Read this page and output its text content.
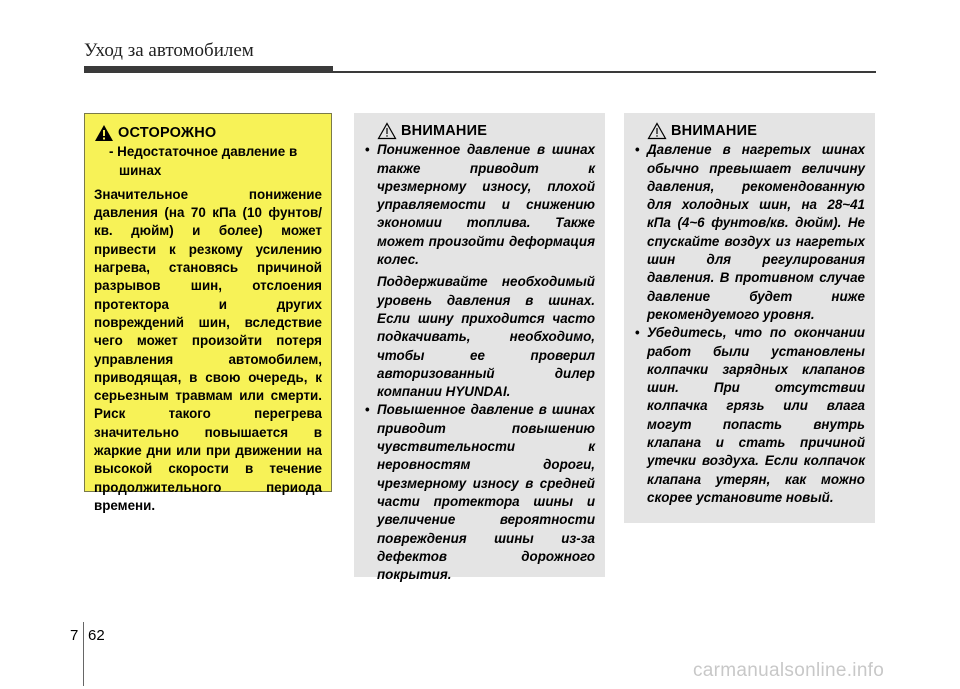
Уход за автомобилем
ОСТОРОЖНО
- Недостаточное давление в шинах
Значительное понижение давления (на 70 кПа (10 фунтов/кв. дюйм) и более) может привести к резкому усилению нагрева, становясь причиной разрывов шин, отслоения протектора и других повреждений шин, вследствие чего может произойти потеря управления автомобилем, приводящая, в свою очередь, к серьезным травмам или смерти. Риск такого перегрева значительно повышается в жаркие дни или при движении на высокой скорости в течение продолжительного периода времени.
ВНИМАНИЕ
• Пониженное давление в шинах также приводит к чрезмерному износу, плохой управляемости и снижению экономии топлива. Также может произойти деформация колес.
Поддерживайте необходимый уровень давления в шинах. Если шину приходится часто подкачивать, необходимо, чтобы ее проверил авторизованный дилер компании HYUNDAI.
• Повышенное давление в шинах приводит повышению чувствительности к неровностям дороги, чрезмерному износу в средней части протектора шины и увеличение вероятности повреждения шины из-за дефектов дорожного покрытия.
ВНИМАНИЕ
• Давление в нагретых шинах обычно превышает величину давления, рекомендованную для холодных шин, на 28~41 кПа (4~6 фунтов/кв. дюйм). Не спускайте воздух из нагретых шин для регулирования давления. В противном случае давление будет ниже рекомендуемого уровня.
• Убедитесь, что по окончании работ были установлены колпачки зарядных клапанов шин. При отсутствии колпачка грязь или влага могут попасть внутрь клапана и стать причиной утечки воздуха. Если колпачок клапана утерян, как можно скорее установите новый.
7 62
carmanualsonline.info
